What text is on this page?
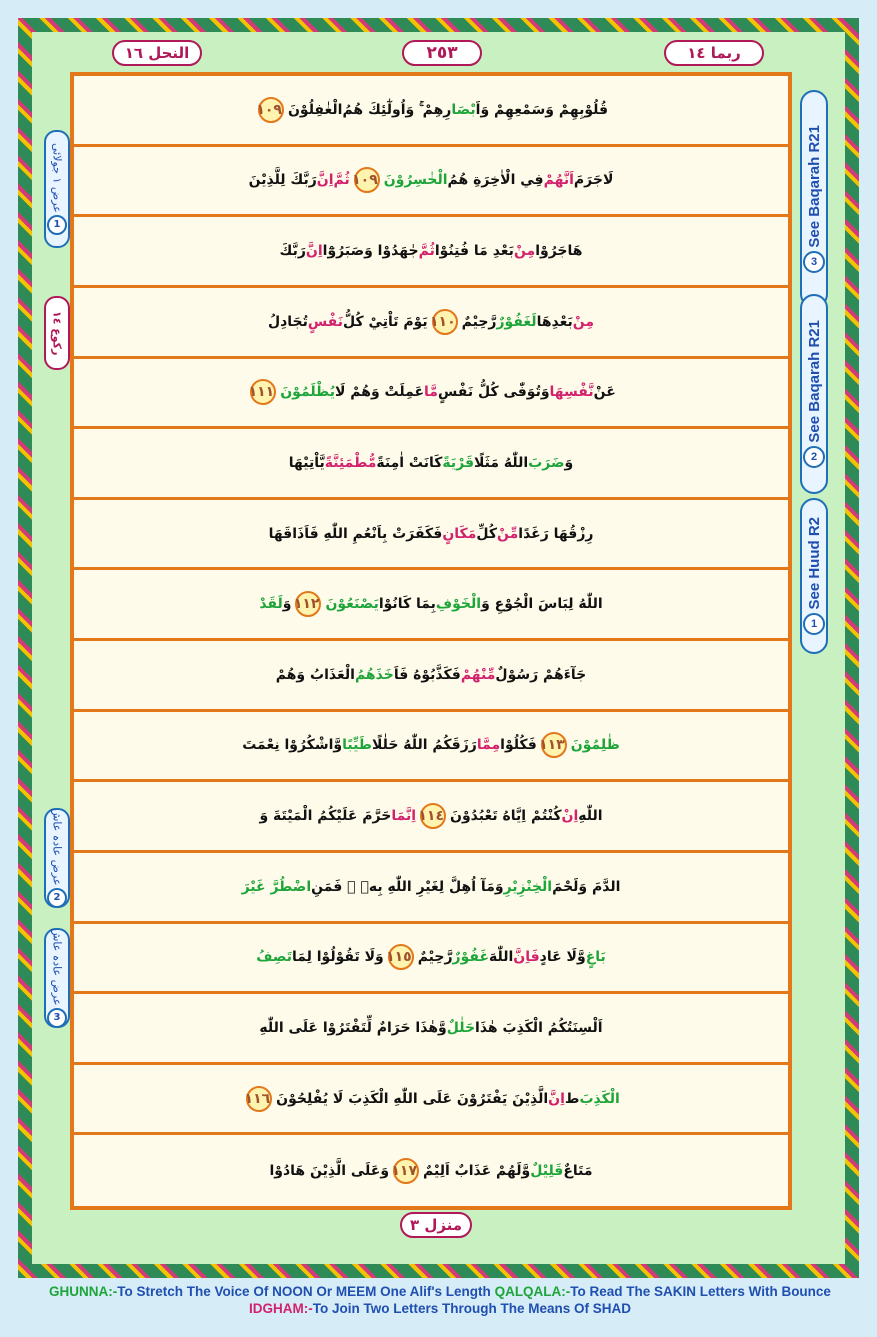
النحل ١٦	٢٥٣	ربما ١٤
قُلُوْبِهِمْ وَسَمْعِهِمْ وَاَ
بْصَا
رِهِمْ ۚ وَاُولٰٓئِكَ هُمُ
الْغٰفِلُوْنَ
١٠٩
لَاجَرَمَ
اَنَّهُمْ
فِي الْاٰخِرَةِ هُمُ
الْخٰسِرُوْنَ
١٠٩
ثُمَّ
اِنَّ
رَبَّكَ لِلَّذِيْنَ
هَاجَرُوْا
مِنْ
بَعْدِ مَا فُتِنُوْا
ثُمَّ
جٰهَدُوْا وَصَبَرُوْٓا
اِنَّ
رَبَّكَ
مِنْ
بَعْدِهَا
لَغَفُوْرٌ
رَّحِيْمٌ
١١٠
يَوْمَ تَاْتِيْ كُلُّ
نَفْسٍ
تُجَادِلُ
عَنْ
نَّفْسِهَا
وَتُوَفّٰى كُلُّ نَفْسٍ
مَّا
عَمِلَتْ وَهُمْ لَا
يُظْلَمُوْنَ
١١١
وَ
ضَرَبَ
اللّٰهُ مَثَلًا
قَرْيَةً
كَانَتْ اٰمِنَةً
مُّطْمَئِنَّةً
يَّاْتِيْهَا
رِزْقُهَا رَغَدًا
مِّنْ
كُلِّ
مَكَانٍ
فَكَفَرَتْ بِاَنْعُمِ اللّٰهِ فَاَذَاقَهَا
اللّٰهُ لِبَاسَ الْجُوْعِ وَ
الْخَوْفِ
بِمَا كَانُوْا
يَصْنَعُوْنَ
١١٢
وَ
لَقَدْ
جَآءَهُمْ رَسُوْلٌ
مِّنْهُمْ
فَكَذَّبُوْهُ فَاَ
خَذَهُمُ
الْعَذَابُ وَهُمْ
ظٰلِمُوْنَ
١١٣
فَكُلُوْا
مِمَّا
رَزَقَكُمُ اللّٰهُ حَلٰلًا
طَيِّبًا
وَّاشْكُرُوْا نِعْمَتَ
اللّٰهِ
اِنْ
كُنْتُمْ اِيَّاهُ تَعْبُدُوْنَ
١١٤
اِنَّمَا
حَرَّمَ عَلَيْكُمُ الْمَيْتَةَ وَ
الدَّمَ وَلَحْمَ
الْخِنْزِيْرِ
وَمَآ اُهِلَّ لِغَيْرِ اللّٰهِ بِهٖ ۚ فَمَنِ
اضْطُرَّ غَيْرَ
بَاغٍ
وَّلَا عَادٍ
فَاِنَّ
اللّٰهَ
غَفُوْرٌ
رَّحِيْمٌ
١١٥
وَلَا تَقُوْلُوْا لِمَا
تَصِفُ
اَلْسِنَتُكُمُ الْكَذِبَ هٰذَا
حَلٰلٌ
وَّهٰذَا حَرَامٌ لِّتَفْتَرُوْا عَلَى اللّٰهِ
الْكَذِبَ
ط
اِنَّ
الَّذِيْنَ يَفْتَرُوْنَ عَلَى اللّٰهِ الْكَذِبَ لَا يُفْلِحُوْنَ
١١٦
مَتَاعٌ
قَلِيْلٌ
وَّلَهُمْ عَذَابٌ اَلِيْمٌ
١١٧
وَعَلَى الَّذِيْنَ هَادُوْا
See Baqarah R21
3
See Baqarah R21
2
See Huud R2
1
عرض ١ جولائی
1
رکوع ١٤
عرض عادہ عاش
2
عرض عادہ عاش
3
منزل ٣
GHUNNA:-To Stretch The Voice Of NOON Or MEEM One Alif's Length QALQALA:-To Read The SAKIN Letters With Bounce IDGHAM:-To Join Two Letters Through The Means Of SHAD
